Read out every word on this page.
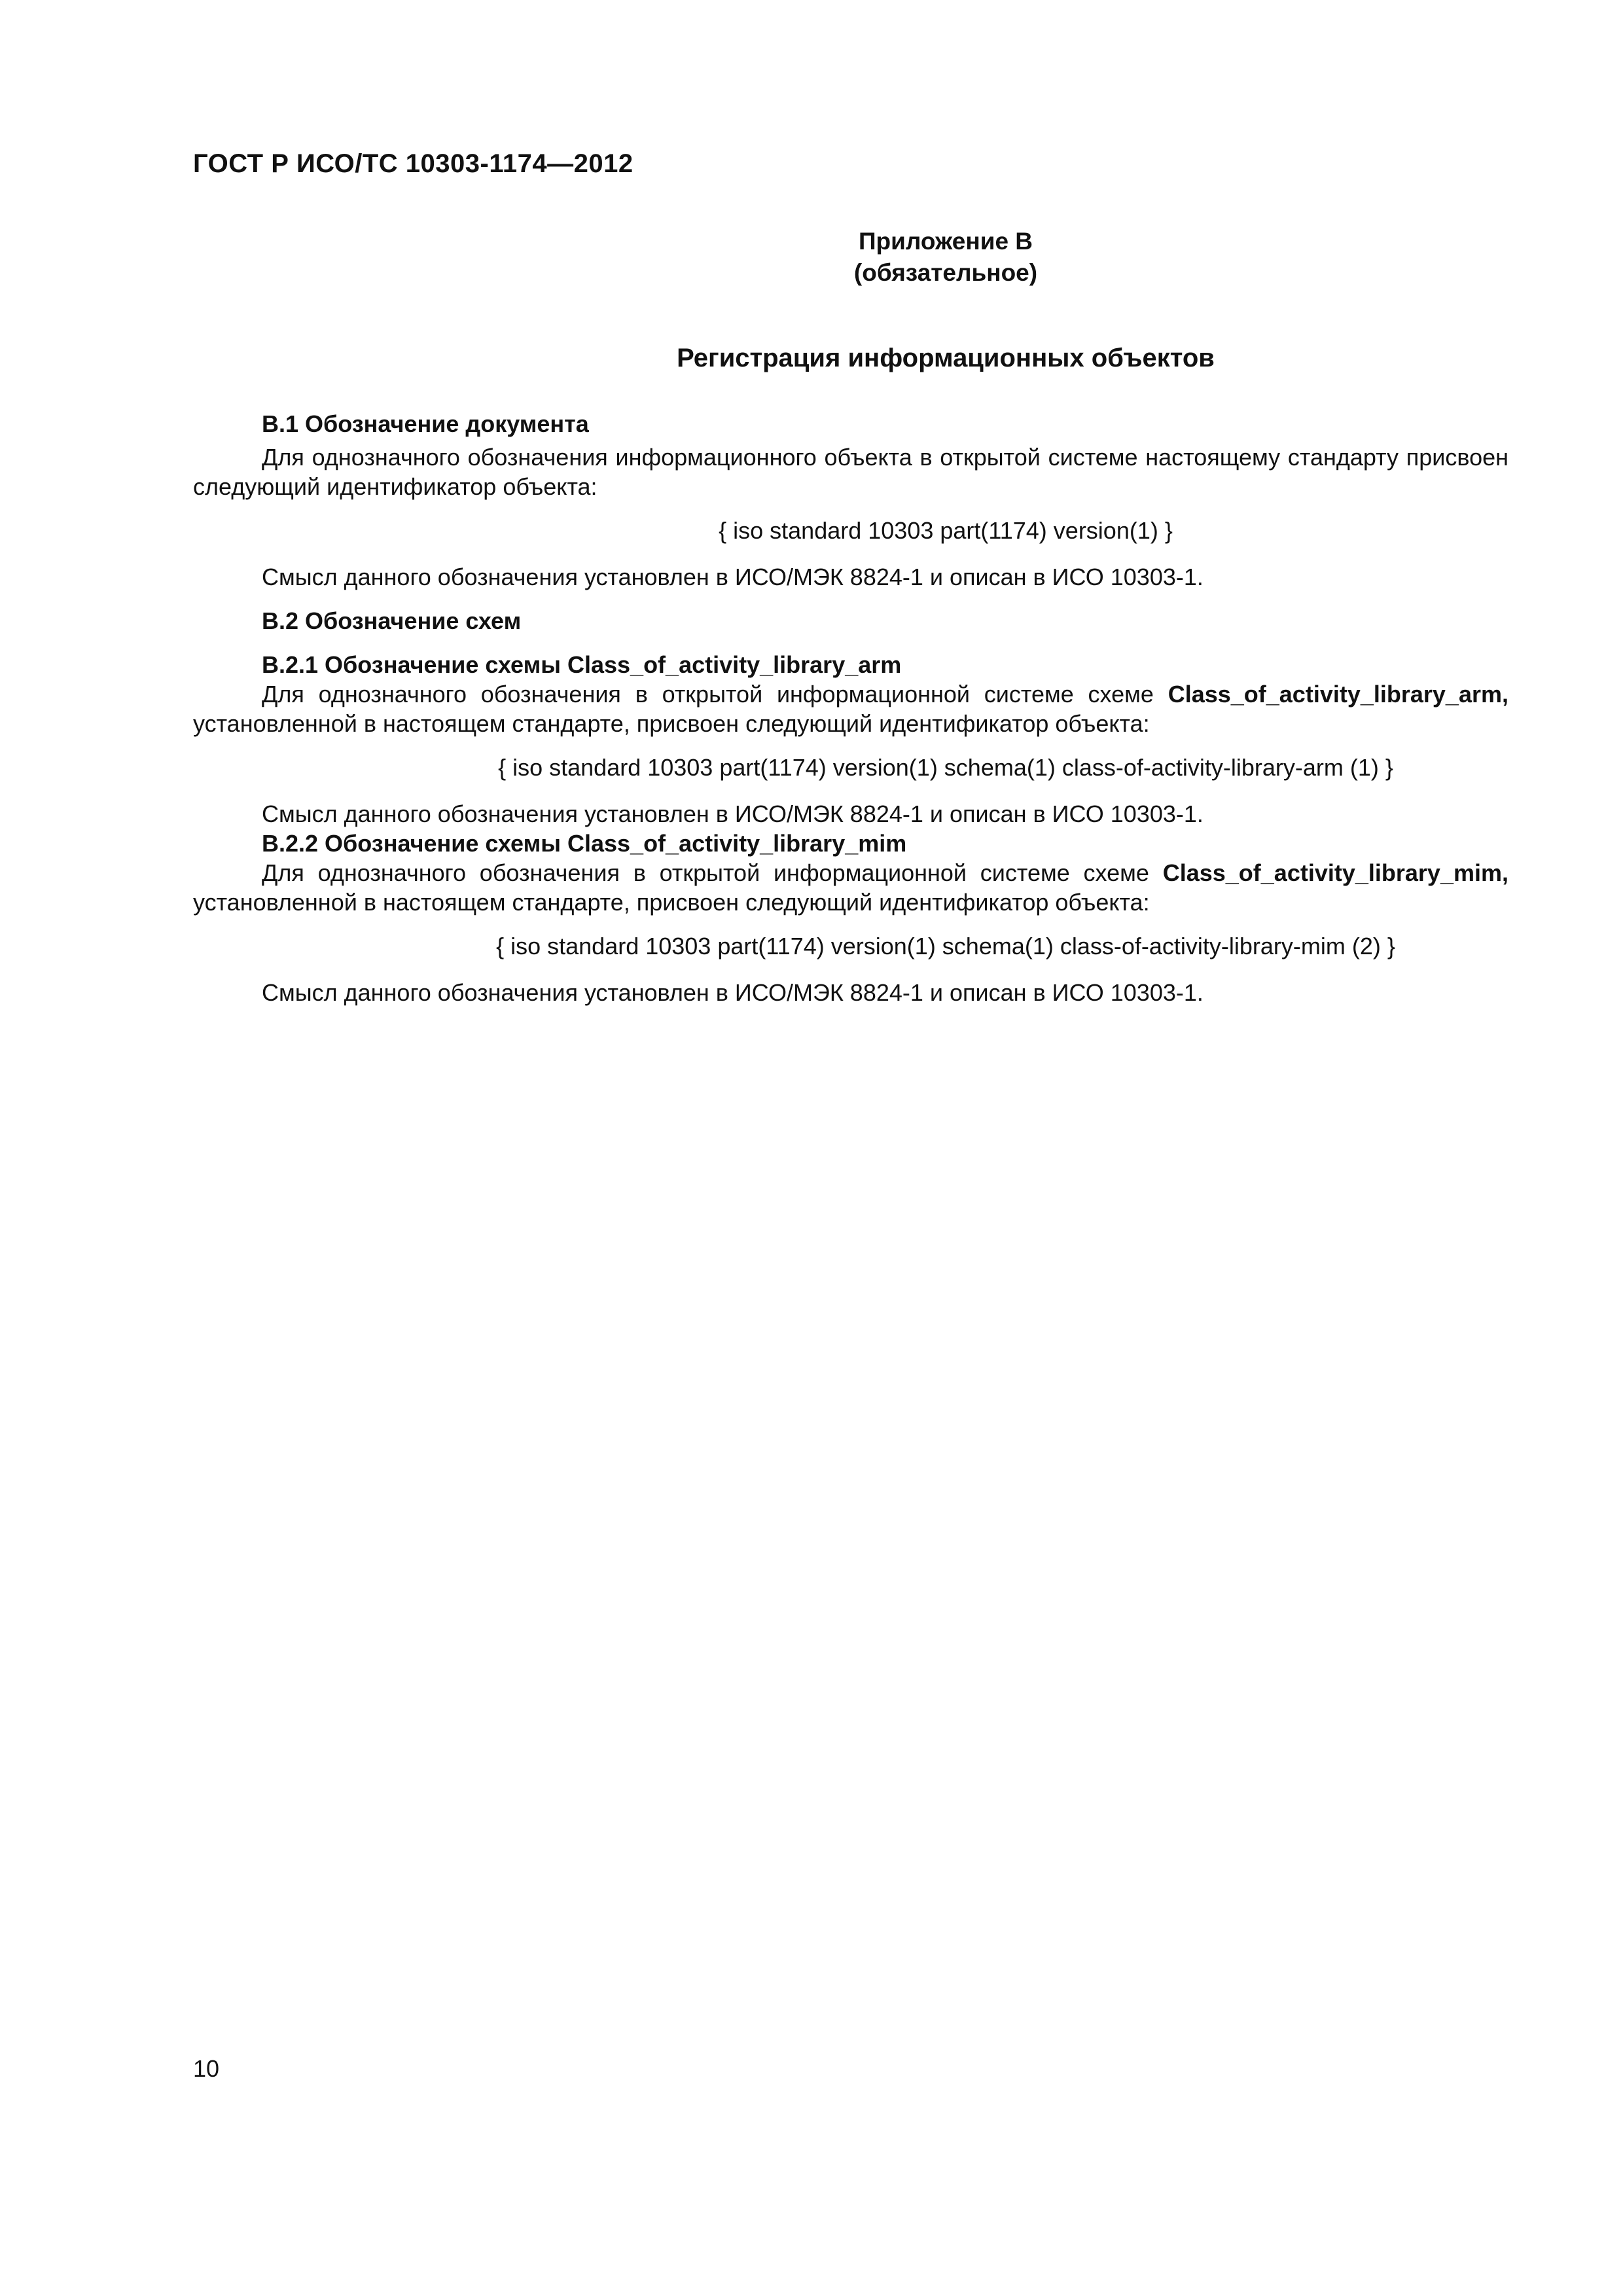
ГОСТ Р ИСО/ТС 10303-1174—2012
Приложение В
(обязательное)
Регистрация информационных объектов

В.1 Обозначение документа

Для однозначного обозначения информационного объекта в открытой системе настоящему стандарту присвоен следующий идентификатор объекта:

{ iso standard 10303 part(1174) version(1) }

Смысл данного обозначения установлен в ИСО/МЭК 8824-1 и описан в ИСО 10303-1.

В.2 Обозначение схем

В.2.1 Обозначение схемы Class_of_activity_library_arm

Для однозначного обозначения в открытой информационной системе схеме Class_of_activity_library_arm, установленной в настоящем стандарте, присвоен следующий идентификатор объекта:

{ iso standard 10303 part(1174) version(1) schema(1) class-of-activity-library-arm (1) }

Смысл данного обозначения установлен в ИСО/МЭК 8824-1 и описан в ИСО 10303-1.

В.2.2 Обозначение схемы Class_of_activity_library_mim

Для однозначного обозначения в открытой информационной системе схеме Class_of_activity_library_mim, установленной в настоящем стандарте, присвоен следующий идентификатор объекта:

{ iso standard 10303 part(1174) version(1) schema(1) class-of-activity-library-mim (2) }

Смысл данного обозначения установлен в ИСО/МЭК 8824-1 и описан в ИСО 10303-1.

10
